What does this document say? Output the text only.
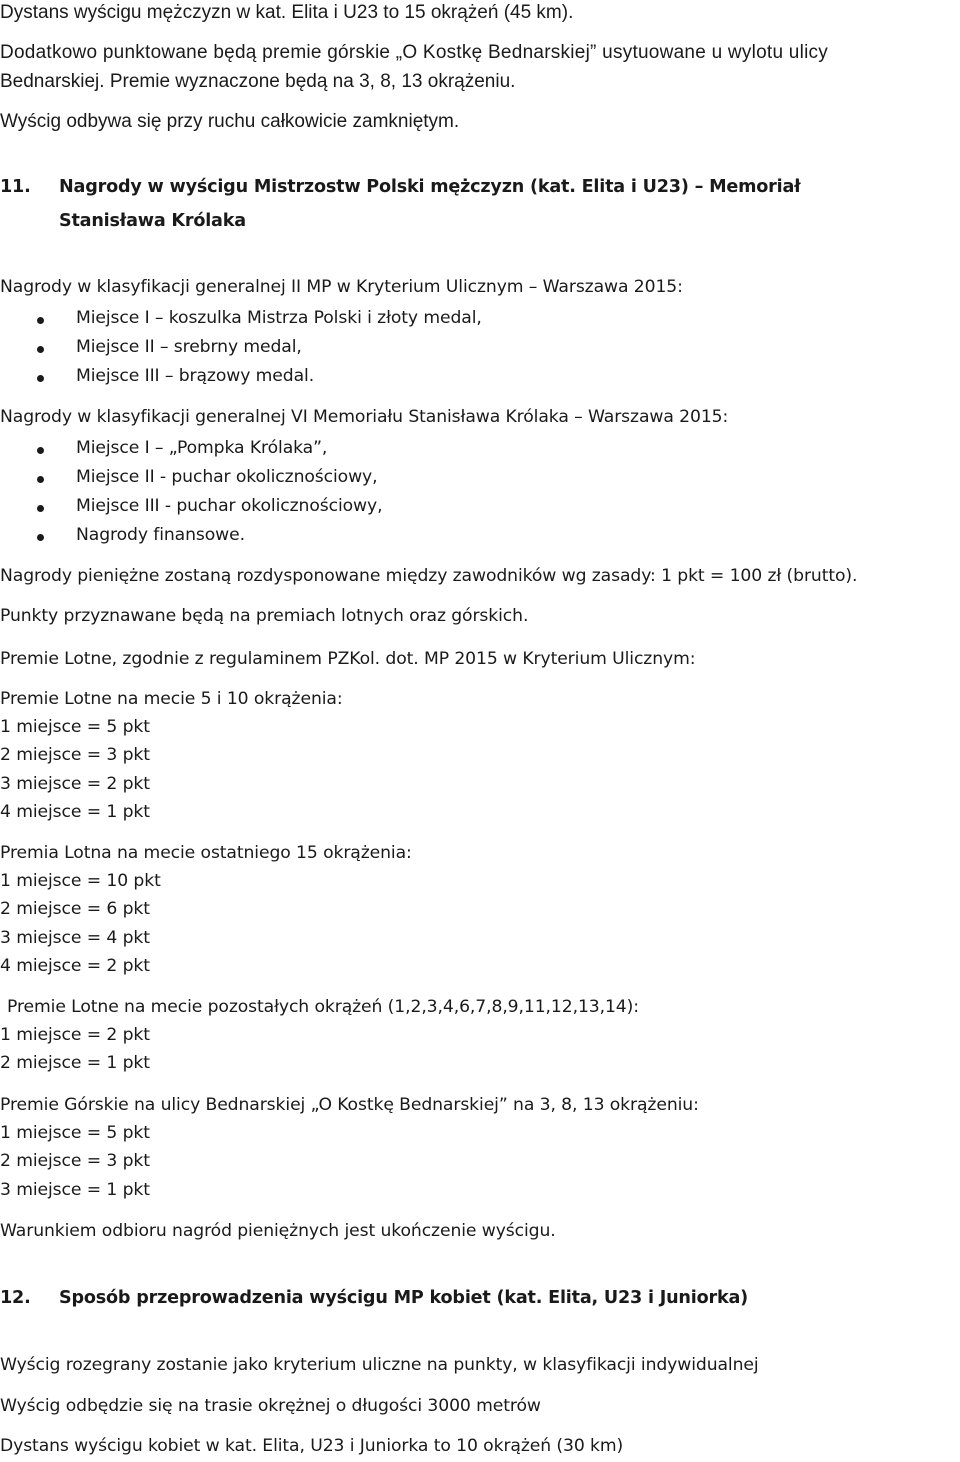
Dystans wyścigu mężczyzn w kat. Elita i U23 to 15 okrążeń (45 km).
Dodatkowo punktowane będą premie górskie „O Kostkę Bednarskiej” usytuowane u wylotu ulicy
Bednarskiej. Premie wyznaczone będą na 3, 8, 13 okrążeniu.
Wyścig odbywa się przy ruchu całkowicie zamkniętym.
11. Nagrody w wyścigu Mistrzostw Polski mężczyzn (kat. Elita i U23) – Memoriał
Stanisława Królaka
Nagrody w klasyfikacji generalnej II MP w Kryterium Ulicznym – Warszawa 2015:
Miejsce I – koszulka Mistrza Polski i złoty medal,
Miejsce II – srebrny medal,
Miejsce III – brązowy medal.
Nagrody w klasyfikacji generalnej VI Memoriału Stanisława Królaka – Warszawa 2015:
Miejsce I – „Pompka Królaka”,
Miejsce II - puchar okolicznościowy,
Miejsce III - puchar okolicznościowy,
Nagrody finansowe.
Nagrody pieniężne zostaną rozdysponowane między zawodników wg zasady: 1 pkt = 100 zł (brutto).
Punkty przyznawane będą na premiach lotnych oraz górskich.
Premie Lotne, zgodnie z regulaminem PZKol. dot. MP 2015 w Kryterium Ulicznym:
Premie Lotne na mecie 5 i 10 okrążenia:
1 miejsce = 5 pkt
2 miejsce = 3 pkt
3 miejsce = 2 pkt
4 miejsce = 1 pkt
Premia Lotna na mecie ostatniego 15 okrążenia:
1 miejsce = 10 pkt
2 miejsce = 6 pkt
3 miejsce = 4 pkt
4 miejsce = 2 pkt
Premie Lotne na mecie pozostałych okrążeń (1,2,3,4,6,7,8,9,11,12,13,14):
1 miejsce = 2 pkt
2 miejsce = 1 pkt
Premie Górskie na ulicy Bednarskiej „O Kostkę Bednarskiej” na 3, 8, 13 okrążeniu:
1 miejsce = 5 pkt
2 miejsce = 3 pkt
3 miejsce = 1 pkt
Warunkiem odbioru nagród pieniężnych jest ukończenie wyścigu.
12. Sposób przeprowadzenia wyścigu MP kobiet (kat. Elita, U23 i Juniorka)
Wyścig rozegrany zostanie jako kryterium uliczne na punkty, w klasyfikacji indywidualnej
Wyścig odbędzie się na trasie okrężnej o długości 3000 metrów
Dystans wyścigu kobiet w kat. Elita, U23 i Juniorka to 10 okrążeń (30 km)
